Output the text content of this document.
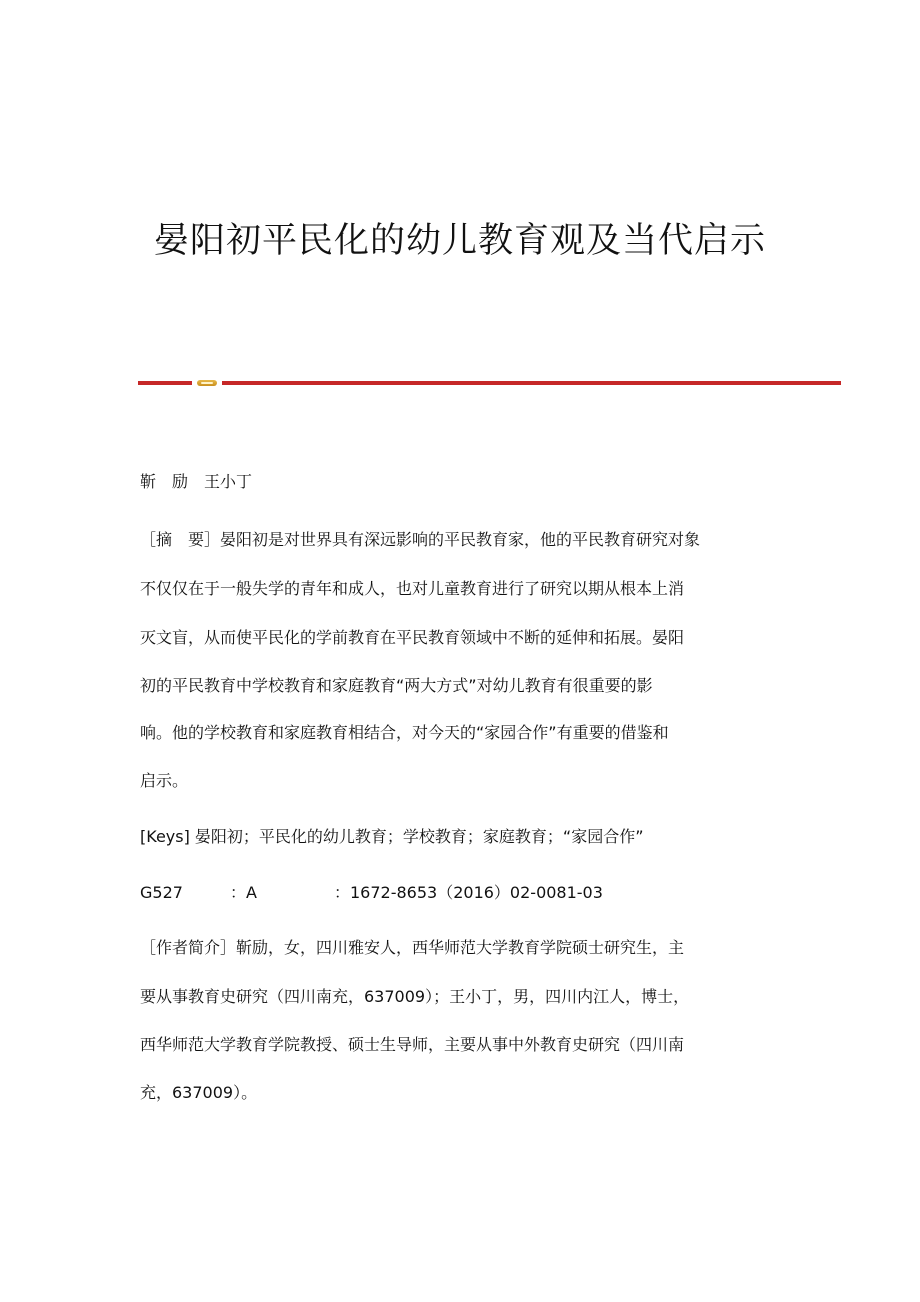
晏阳初平民化的幼儿教育观及当代启示
靳　励　王小丁
［摘　要］晏阳初是对世界具有深远影响的平民教育家，他的平民教育研究对象
不仅仅在于一般失学的青年和成人，也对儿童教育进行了研究以期从根本上消
灭文盲，从而使平民化的学前教育在平民教育领域中不断的延伸和拓展。晏阳
初的平民教育中学校教育和家庭教育“两大方式”对幼儿教育有很重要的影
响。他的学校教育和家庭教育相结合，对今天的“家园合作”有重要的借鉴和
启示。
[Keys] 晏阳初；平民化的幼儿教育；学校教育；家庭教育；“家园合作”
G527	：A	：1672-8653（2016）02-0081-03
［作者简介］靳励，女，四川雅安人，西华师范大学教育学院硕士研究生，主
要从事教育史研究（四川南充，637009）；王小丁，男，四川内江人，博士，
西华师范大学教育学院教授、硕士生导师，主要从事中外教育史研究（四川南
充，637009）。
